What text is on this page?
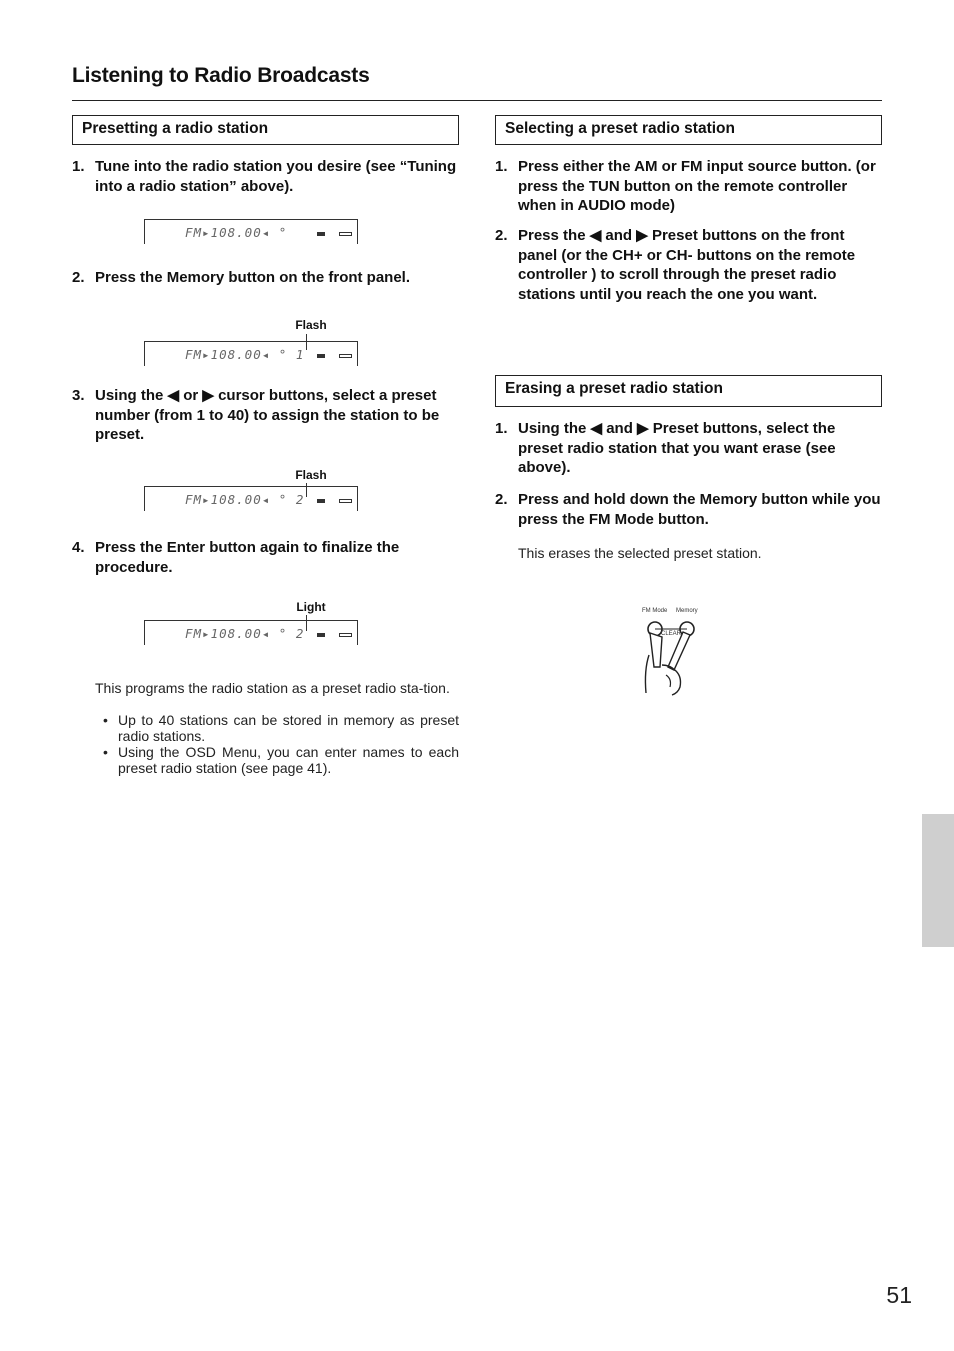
Listening to Radio Broadcasts
Presetting a radio station
1. Tune into the radio station you desire (see “Tuning into a radio station” above).
FM▸108.00◂ °
2. Press the Memory button on the front panel.
Flash
FM▸108.00◂ ° 1
3. Using the ◀ or ▶ cursor buttons, select a preset number (from 1 to 40) to assign the station to be preset.
Flash
FM▸108.00◂ ° 2
4. Press the Enter button again to finalize the procedure.
Light
FM▸108.00◂ ° 2
This programs the radio station as a preset radio sta-tion.
• Up to 40 stations can be stored in memory as preset radio stations.
• Using the OSD Menu, you can enter names to each preset radio station (see page 41).
Selecting a preset radio station
1. Press either the AM or FM input source button. (or press the TUN button on the remote controller when in AUDIO mode)
2. Press the ◀ and ▶ Preset buttons on the front panel (or the CH+ or CH- buttons on the remote controller ) to scroll through the preset radio stations until you reach the one you want.
Erasing a preset radio station
1. Using the ◀ and ▶ Preset buttons, select the preset radio station that you want erase (see above).
2. Press and hold down the Memory button while you press the FM Mode button.
This erases the selected preset station.
FM Mode Memory
CLEAR
51
